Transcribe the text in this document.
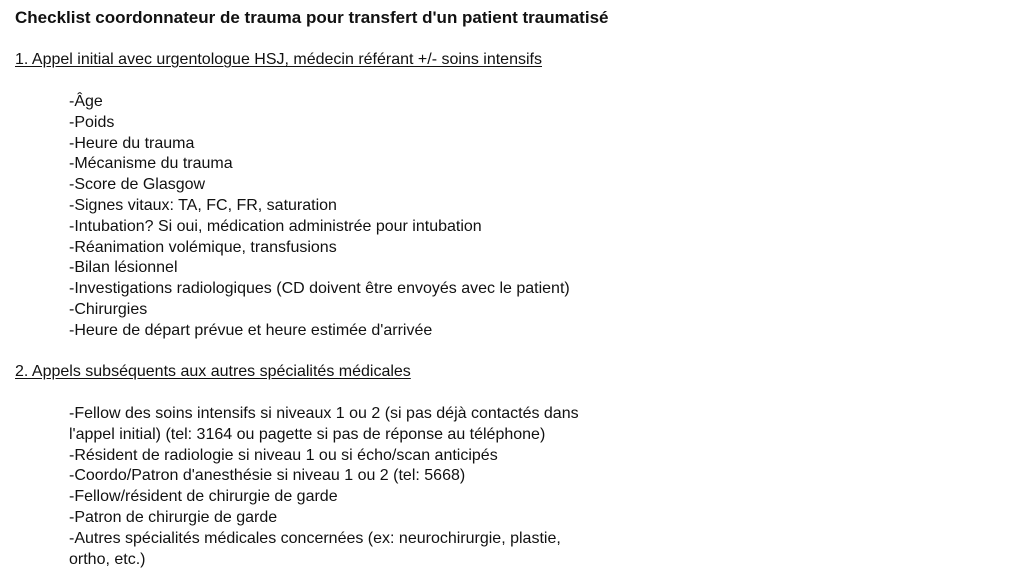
Checklist coordonnateur de trauma pour transfert d'un patient traumatisé
1. Appel initial avec urgentologue HSJ, médecin référant +/- soins intensifs
-Âge
-Poids
-Heure du trauma
-Mécanisme du trauma
-Score de Glasgow
-Signes vitaux: TA, FC, FR, saturation
-Intubation? Si oui, médication administrée pour intubation
-Réanimation volémique, transfusions
-Bilan lésionnel
-Investigations radiologiques (CD doivent être envoyés avec le patient)
-Chirurgies
-Heure de départ prévue et heure estimée d'arrivée
2. Appels subséquents aux autres spécialités médicales
-Fellow des soins intensifs si niveaux 1 ou 2 (si pas déjà contactés dans
l'appel initial) (tel: 3164 ou pagette si pas de réponse au téléphone)
-Résident de radiologie si niveau 1 ou si écho/scan anticipés
-Coordo/Patron d'anesthésie si niveau 1 ou 2 (tel: 5668)
-Fellow/résident de chirurgie de garde
-Patron de chirurgie de garde
-Autres spécialités médicales concernées (ex: neurochirurgie, plastie,
ortho, etc.)
